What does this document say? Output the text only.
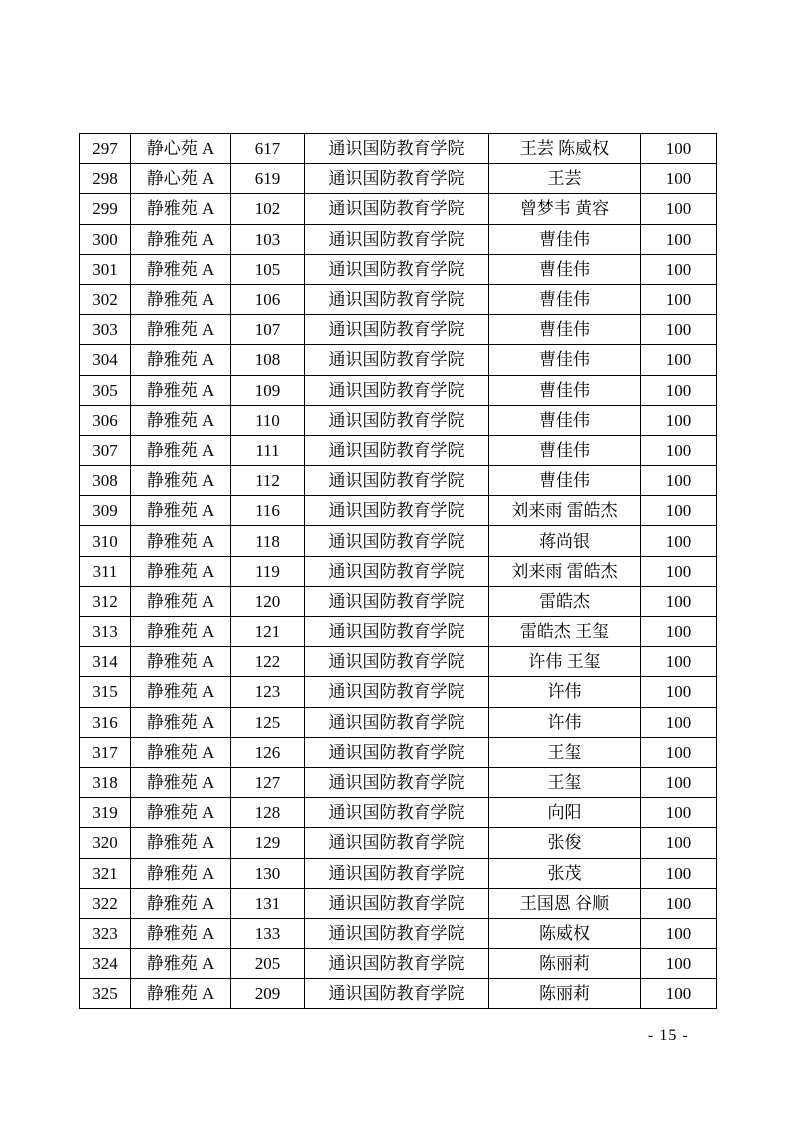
297	静心苑 A	617	通识国防教育学院	王芸 陈威权	100
298	静心苑 A	619	通识国防教育学院	王芸	100
299	静雅苑 A	102	通识国防教育学院	曾梦韦 黄容	100
300	静雅苑 A	103	通识国防教育学院	曹佳伟	100
301	静雅苑 A	105	通识国防教育学院	曹佳伟	100
302	静雅苑 A	106	通识国防教育学院	曹佳伟	100
303	静雅苑 A	107	通识国防教育学院	曹佳伟	100
304	静雅苑 A	108	通识国防教育学院	曹佳伟	100
305	静雅苑 A	109	通识国防教育学院	曹佳伟	100
306	静雅苑 A	110	通识国防教育学院	曹佳伟	100
307	静雅苑 A	111	通识国防教育学院	曹佳伟	100
308	静雅苑 A	112	通识国防教育学院	曹佳伟	100
309	静雅苑 A	116	通识国防教育学院	刘来雨 雷皓杰	100
310	静雅苑 A	118	通识国防教育学院	蒋尚银	100
311	静雅苑 A	119	通识国防教育学院	刘来雨 雷皓杰	100
312	静雅苑 A	120	通识国防教育学院	雷皓杰	100
313	静雅苑 A	121	通识国防教育学院	雷皓杰 王玺	100
314	静雅苑 A	122	通识国防教育学院	许伟 王玺	100
315	静雅苑 A	123	通识国防教育学院	许伟	100
316	静雅苑 A	125	通识国防教育学院	许伟	100
317	静雅苑 A	126	通识国防教育学院	王玺	100
318	静雅苑 A	127	通识国防教育学院	王玺	100
319	静雅苑 A	128	通识国防教育学院	向阳	100
320	静雅苑 A	129	通识国防教育学院	张俊	100
321	静雅苑 A	130	通识国防教育学院	张茂	100
322	静雅苑 A	131	通识国防教育学院	王国恩 谷顺	100
323	静雅苑 A	133	通识国防教育学院	陈威权	100
324	静雅苑 A	205	通识国防教育学院	陈丽莉	100
325	静雅苑 A	209	通识国防教育学院	陈丽莉	100
- 15 -
